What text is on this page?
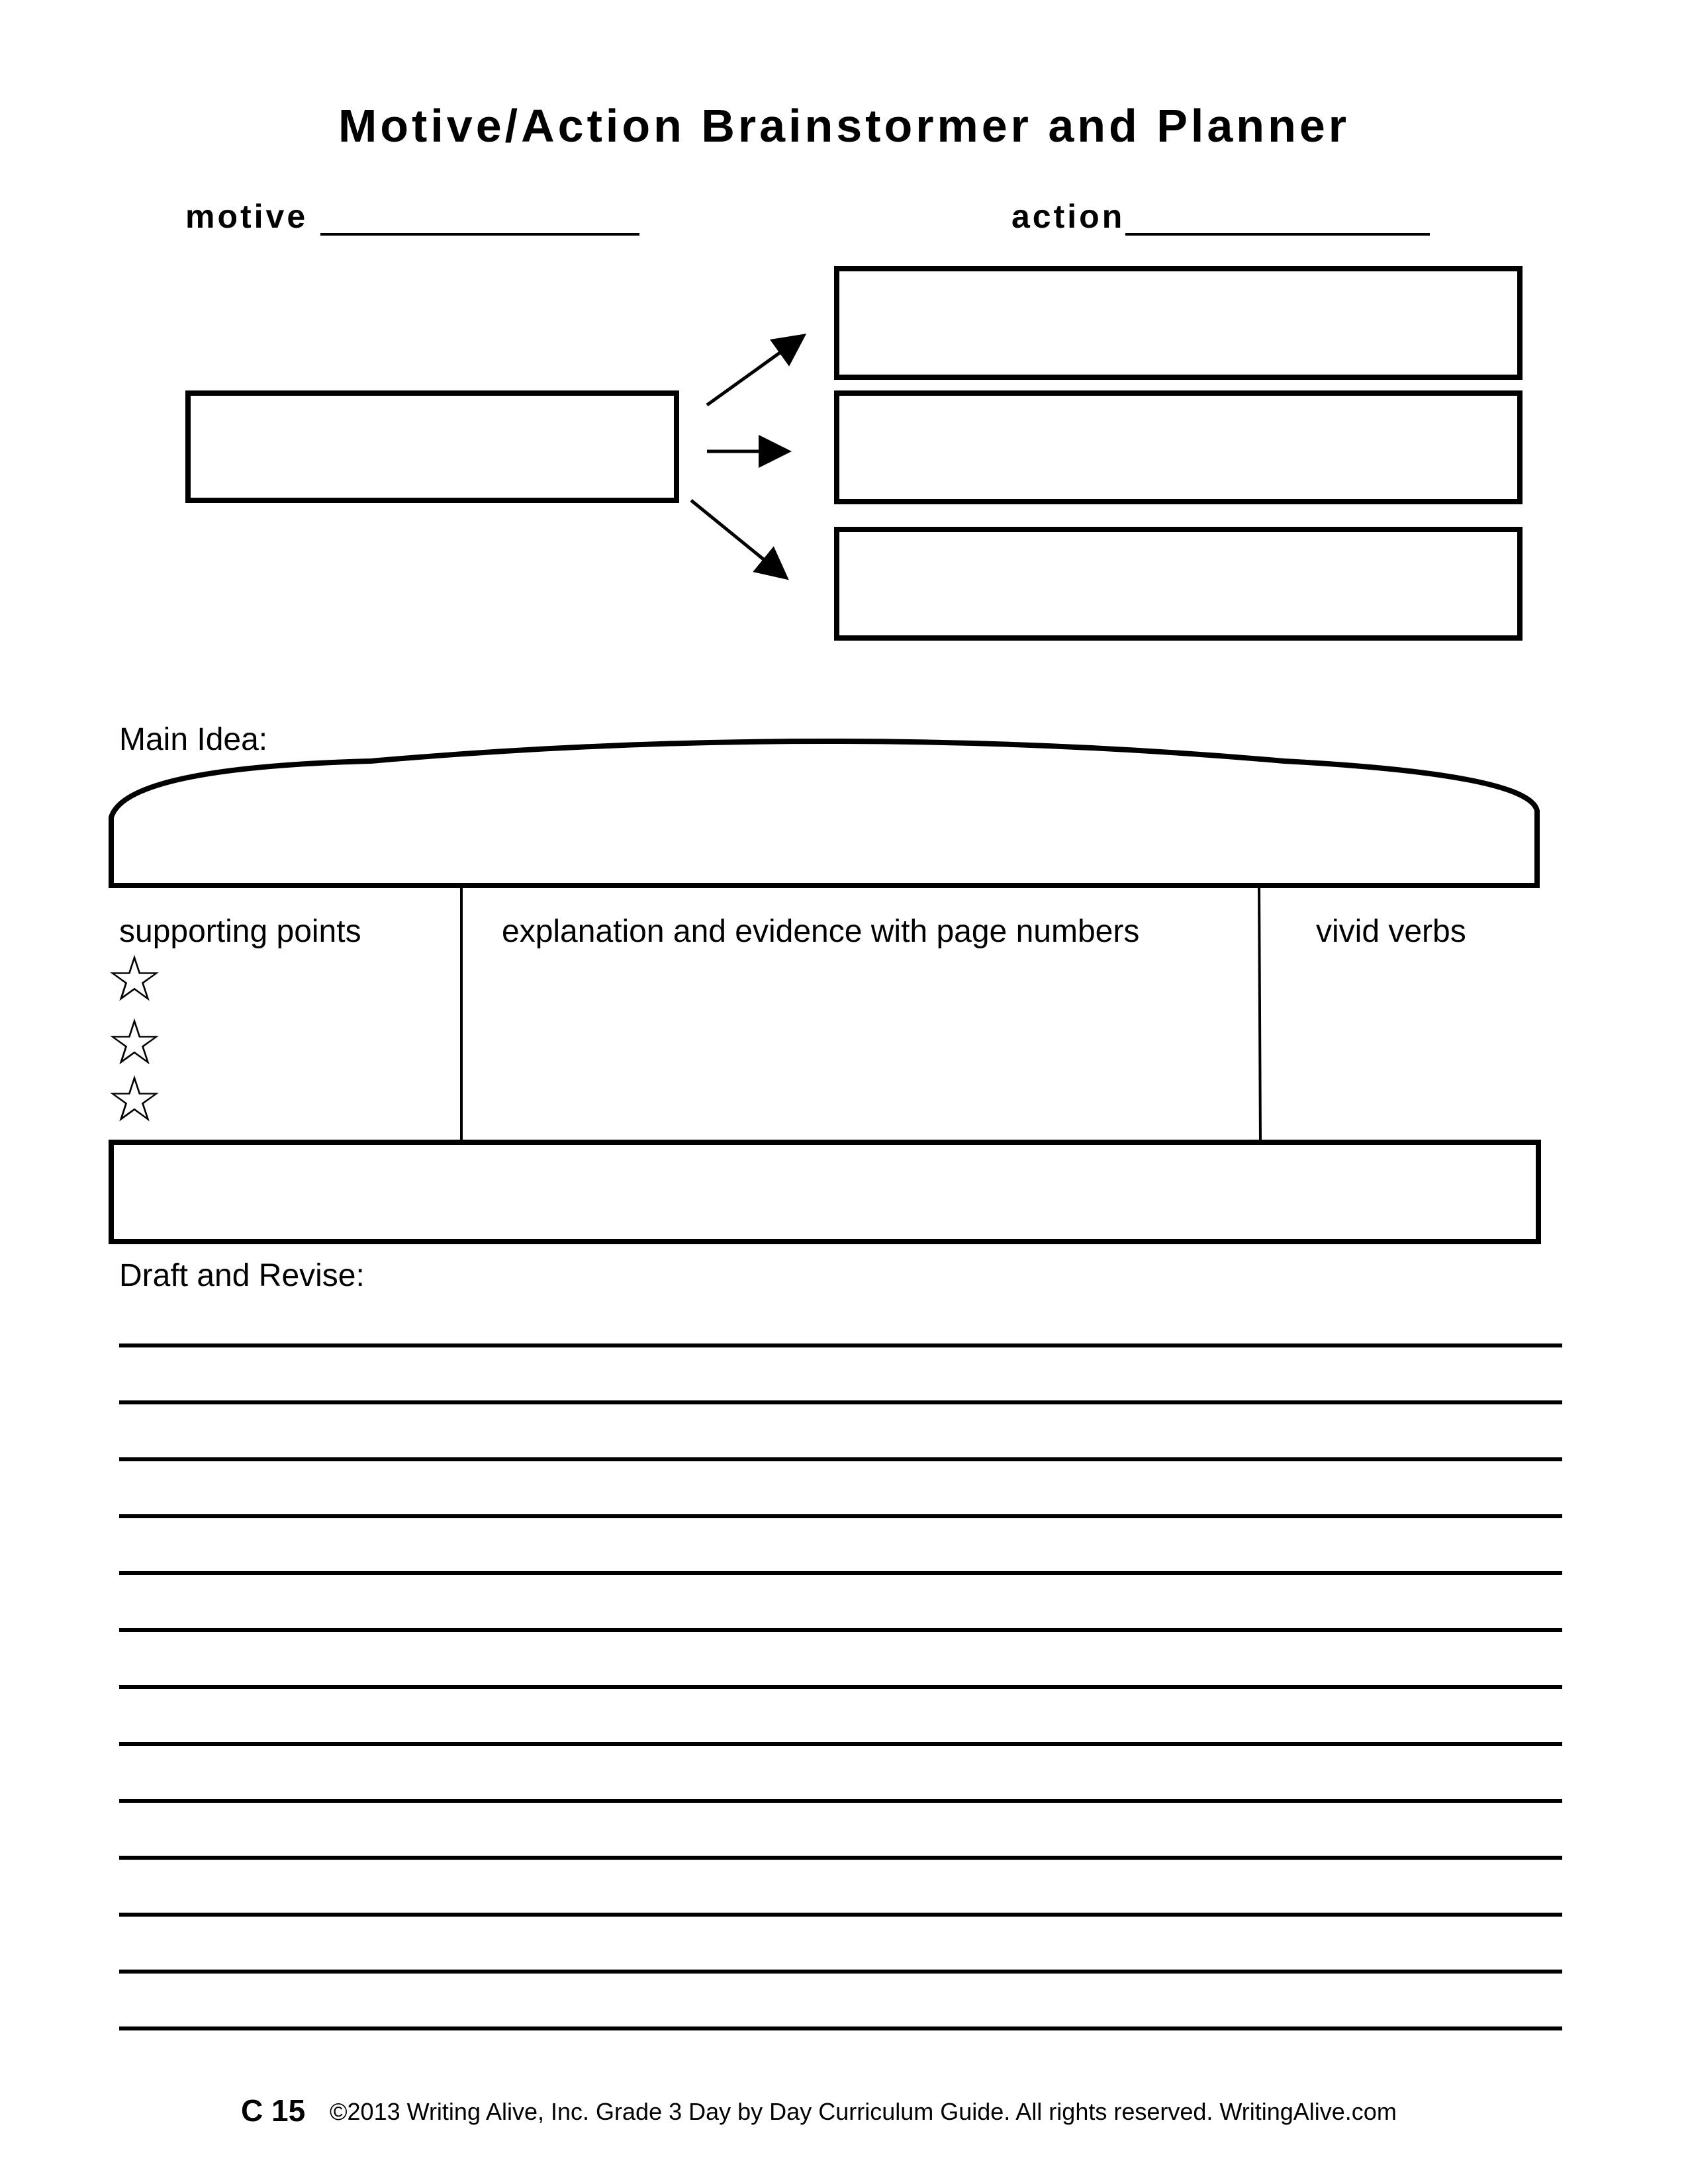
Motive/Action Brainstormer and Planner
motive	action
Main Idea:
supporting points	explanation and evidence with page numbers	vivid verbs
☆
☆
☆
Draft and Revise:
C 15 ©2013 Writing Alive, Inc. Grade 3 Day by Day Curriculum Guide. All rights reserved. WritingAlive.com
